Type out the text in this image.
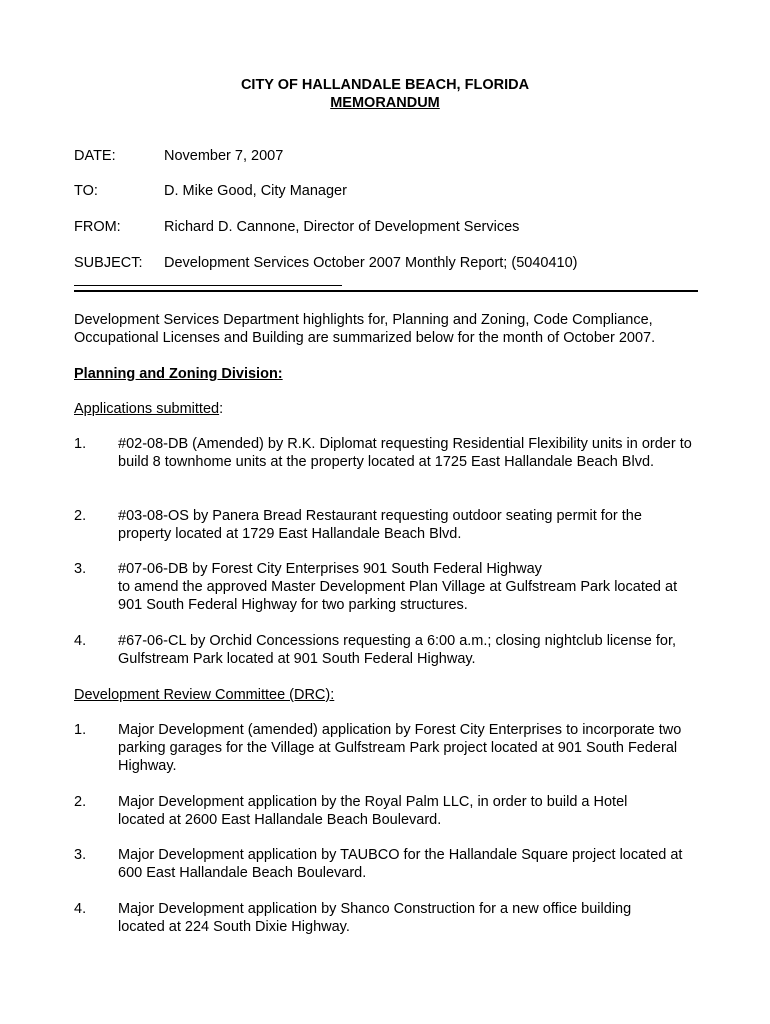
CITY OF HALLANDALE BEACH, FLORIDA
MEMORANDUM
DATE:	November 7, 2007
TO:	D. Mike Good, City Manager
FROM:	Richard D. Cannone, Director of Development Services
SUBJECT: Development Services October 2007 Monthly Report; (5040410)
Development Services Department highlights for, Planning and Zoning, Code Compliance, Occupational Licenses and Building are summarized below for the month of October 2007.
Planning and Zoning Division:
Applications submitted:
1. #02-08-DB (Amended) by R.K. Diplomat requesting Residential Flexibility units in order to build 8 townhome units at the property located at 1725 East Hallandale Beach Blvd.
2. #03-08-OS by Panera Bread Restaurant requesting outdoor seating permit for the property located at 1729 East Hallandale Beach Blvd.
3. #07-06-DB by Forest City Enterprises 901 South Federal Highway
to amend the approved Master Development Plan Village at Gulfstream Park located at 901 South Federal Highway for two parking structures.
4. #67-06-CL by Orchid Concessions requesting a 6:00 a.m.; closing nightclub license for, Gulfstream Park located at 901 South Federal Highway.
Development Review Committee (DRC):
1. Major Development (amended) application by Forest City Enterprises to incorporate two parking garages for the Village at Gulfstream Park project located at 901 South Federal Highway.
2. Major Development application by the Royal Palm LLC, in order to build a Hotel located at 2600 East Hallandale Beach Boulevard.
3. Major Development application by TAUBCO for the Hallandale Square project located at 600 East Hallandale Beach Boulevard.
4. Major Development application by Shanco Construction for a new office building located at 224 South Dixie Highway.
